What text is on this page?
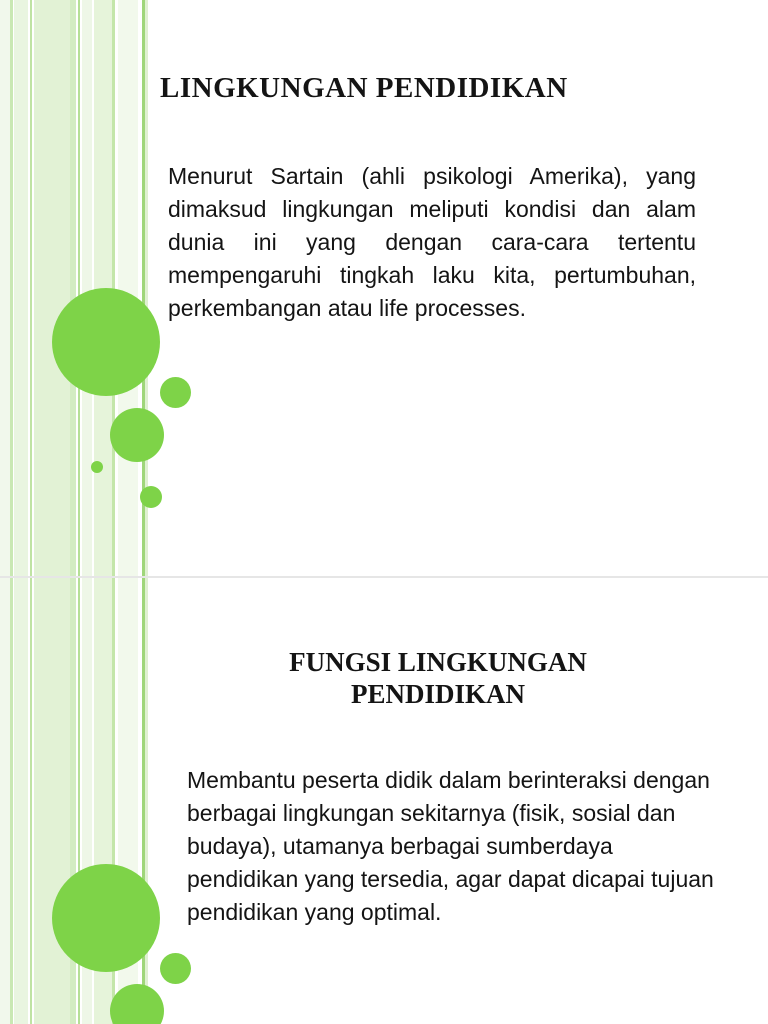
LINGKUNGAN PENDIDIKAN

Menurut Sartain (ahli psikologi Amerika), yang dimaksud lingkungan meliputi kondisi dan alam dunia ini yang dengan cara-cara tertentu mempengaruhi tingkah laku kita, pertumbuhan, perkembangan atau life processes.

FUNGSI LINGKUNGAN PENDIDIKAN

Membantu peserta didik dalam berinteraksi dengan berbagai lingkungan sekitarnya (fisik, sosial dan budaya), utamanya berbagai sumberdaya pendidikan yang tersedia, agar dapat dicapai tujuan pendidikan yang optimal.
